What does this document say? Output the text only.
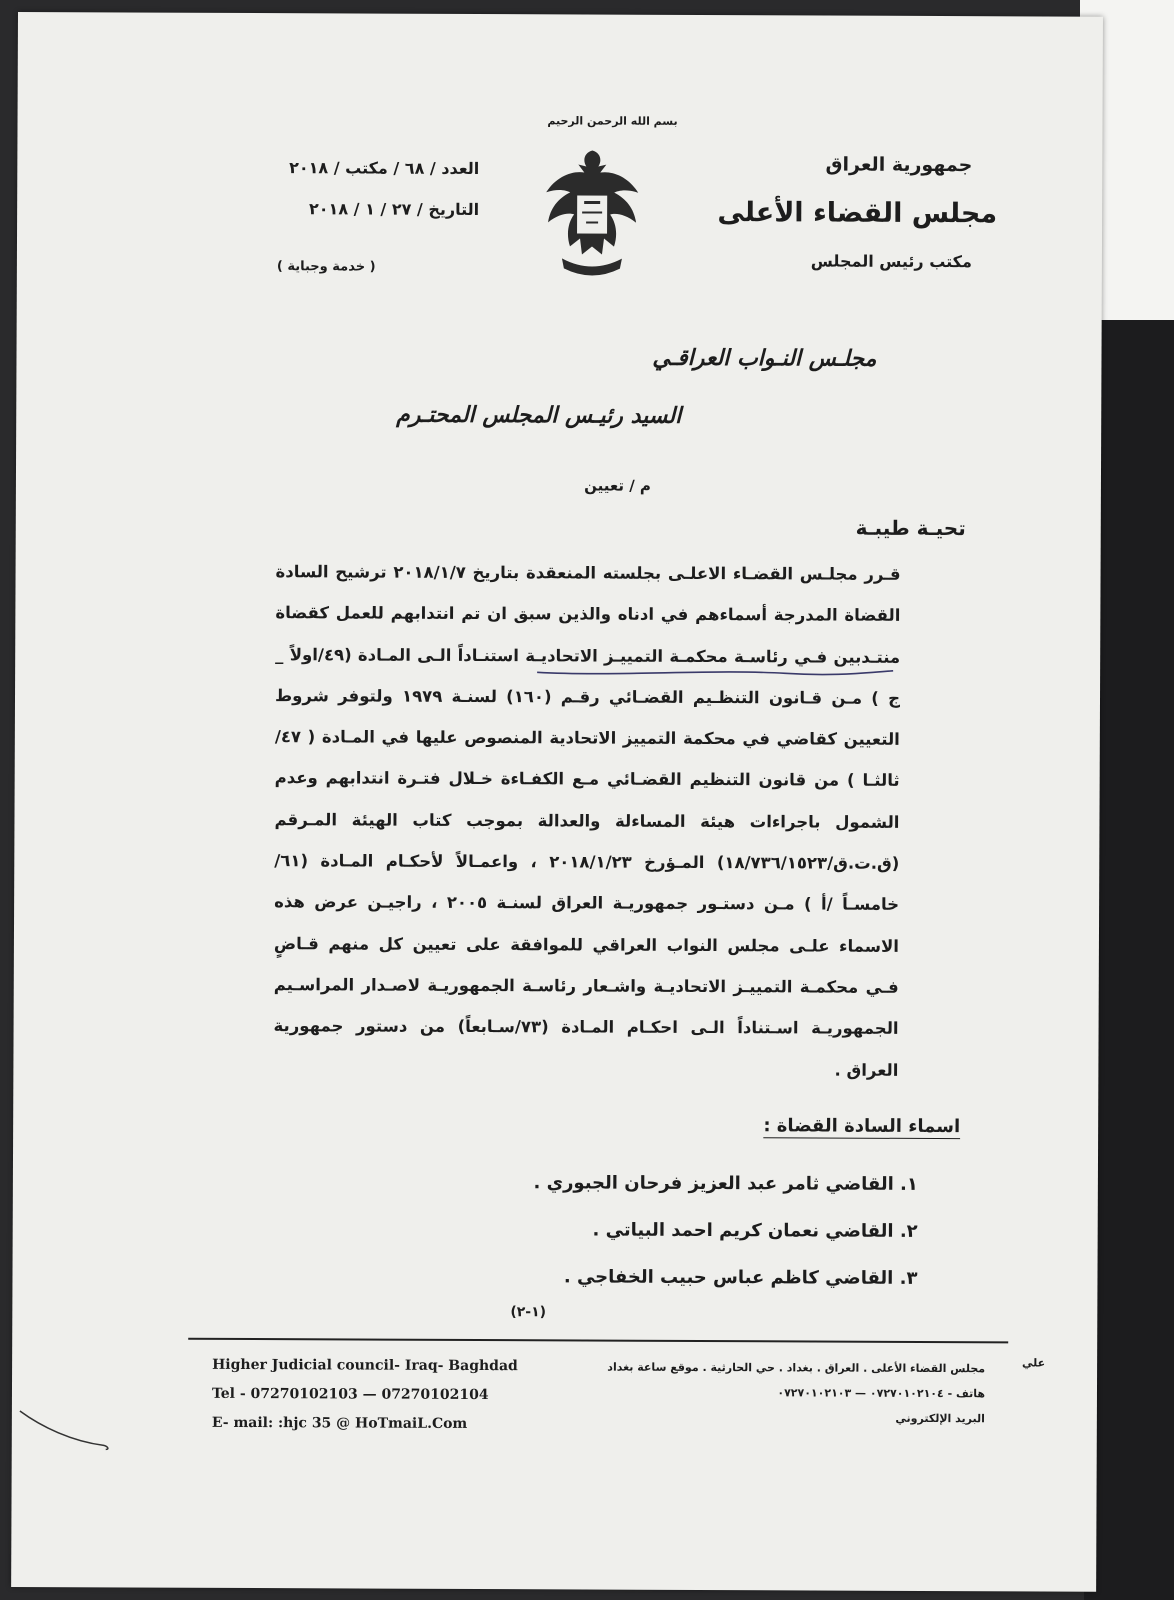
بسم الله الرحمن الرحيم
جمهورية العراق
مجلس القضاء الأعلى
مكتب رئيس المجلس
العدد / ٦٨ / مكتب / ٢٠١٨
التاريخ / ٢٧ / ١ / ٢٠١٨
( خدمة وجباية )
مجلـس النـواب العراقـي
السيد رئيـس المجلس المحتـرم
م / تعيين
تحيـة طيبـة
قـرر مجلـس القضـاء الاعلـى بجلسته المنعقدة بتاريخ ٢٠١٨/١/٧ ترشيح السادة القضاة المدرجة أسماءهم في ادناه والذين سبق ان تم انتدابهم للعمل كقضاة منتـدبين فـي رئاسـة محكمـة التمييـز الاتحاديـة استنـاداً الـى المـادة (٤٩/اولاً _ ج ) مـن قـانون التنظـيم القضـائي رقـم (١٦٠) لسنـة ١٩٧٩ ولتوفر شروط التعيين كقاضي في محكمة التمييز الاتحادية المنصوص عليها في المـادة ( ٤٧/ثالثـا ) من قانون التنظيم القضـائي مـع الكفـاءة خـلال فتـرة انتدابهم وعدم الشمول باجراءات هيئة المساءلة والعدالة بموجب كتاب الهيئة المـرقم (ق.ت.ق/١٨/٧٣٦/١٥٢٣) المـؤرخ ٢٠١٨/١/٢٣ ، واعمـالاً لأحكـام المـادة (٦١/خامسـاً /أ ) مـن دستـور جمهوريـة العراق لسنـة ٢٠٠٥ ، راجيـن عرض هذه الاسماء علـى مجلس النواب العراقي للموافقة على تعيين كل منهم قـاضٍ فـي محكمـة التمييـز الاتحاديـة واشـعار رئاسـة الجمهوريـة لاصـدار المراسـيم الجمهوريـة اسـتناداً الـى احكـام المـادة (٧٣/سـابعاً) من دستور جمهورية العراق .
اسماء السادة القضاة :
١. القاضي ثامر عبد العزيز فرحان الجبوري .
٢. القاضي نعمان كريم احمد البياتي .
٣. القاضي كاظم عباس حبيب الخفاجي .
(١-٢)
Higher Judicial council- Iraq- Baghdad
Tel - 07270102103 — 07270102104
E- mail: :hjc 35 @ HoTmaiL.Com
مجلس القضاء الأعلى . العراق . بغداد . حي الحارثية . موقع ساعة بغداد
هاتف - ٠٧٢٧٠١٠٢١٠٤ — ٠٧٢٧٠١٠٢١٠٣
البريد الإلكتروني
علي
